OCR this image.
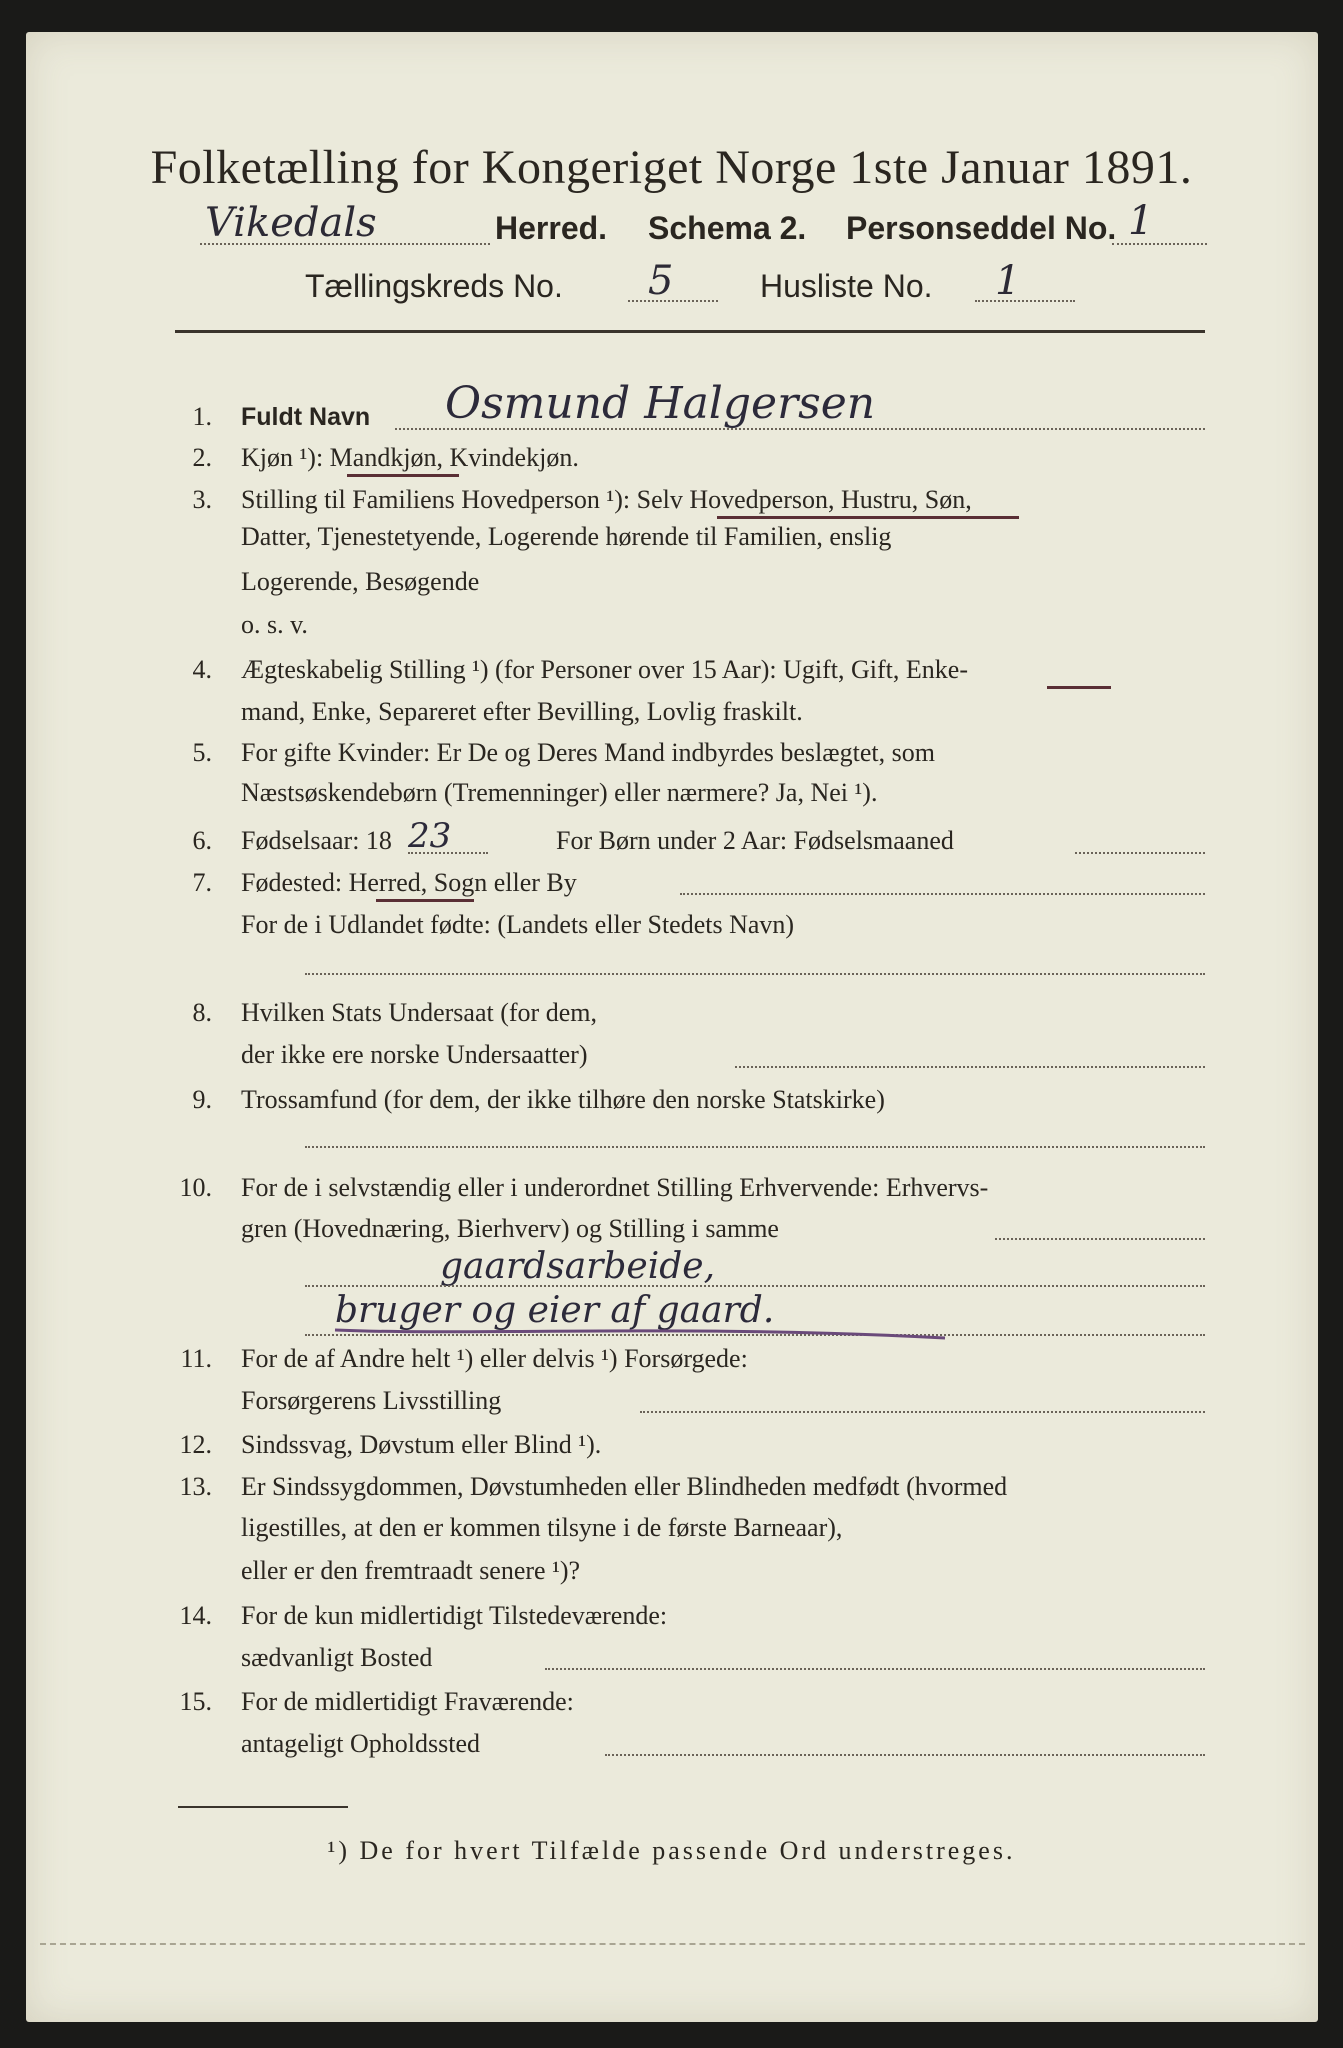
Folketælling for Kongeriget Norge 1ste Januar 1891.
Vikedals	Herred. Schema 2. Personseddel No. 1
Tællingskreds No. 5	Husliste No. 1
1. Fuldt Navn Osmund Halgersen
2. Kjøn ¹): Mandkjøn, Kvindekjøn.
3. Stilling til Familiens Hovedperson ¹): Selv Hovedperson, Hustru, Søn,
Datter, Tjenestetyende, Logerende hørende til Familien, enslig
Logerende, Besøgende
o. s. v.
4. Ægteskabelig Stilling ¹) (for Personer over 15 Aar): Ugift, Gift, Enke-
mand, Enke, Separeret efter Bevilling, Lovlig fraskilt.
5. For gifte Kvinder: Er De og Deres Mand indbyrdes beslægtet, som
Næstsøskendebørn (Tremenninger) eller nærmere? Ja, Nei ¹).
6. Fødselsaar: 18 23	For Børn under 2 Aar: Fødselsmaaned
7. Fødested: Herred, Sogn eller By
For de i Udlandet fødte: (Landets eller Stedets Navn)
8. Hvilken Stats Undersaat (for dem,
der ikke ere norske Undersaatter)
9. Trossamfund (for dem, der ikke tilhøre den norske Statskirke)
10. For de i selvstændig eller i underordnet Stilling Erhvervende: Erhvervs-
gren (Hovednæring, Bierhverv) og Stilling i samme
gaardsarbeide,
bruger og eier af gaard.
11. For de af Andre helt ¹) eller delvis ¹) Forsørgede:
Forsørgerens Livsstilling
12. Sindssvag, Døvstum eller Blind ¹).
13. Er Sindssygdommen, Døvstumheden eller Blindheden medfødt (hvormed
ligestilles, at den er kommen tilsyne i de første Barneaar),
eller er den fremtraadt senere ¹)?
14. For de kun midlertidigt Tilstedeværende:
sædvanligt Bosted
15. For de midlertidigt Fraværende:
antageligt Opholdssted
¹) De for hvert Tilfælde passende Ord understreges.
